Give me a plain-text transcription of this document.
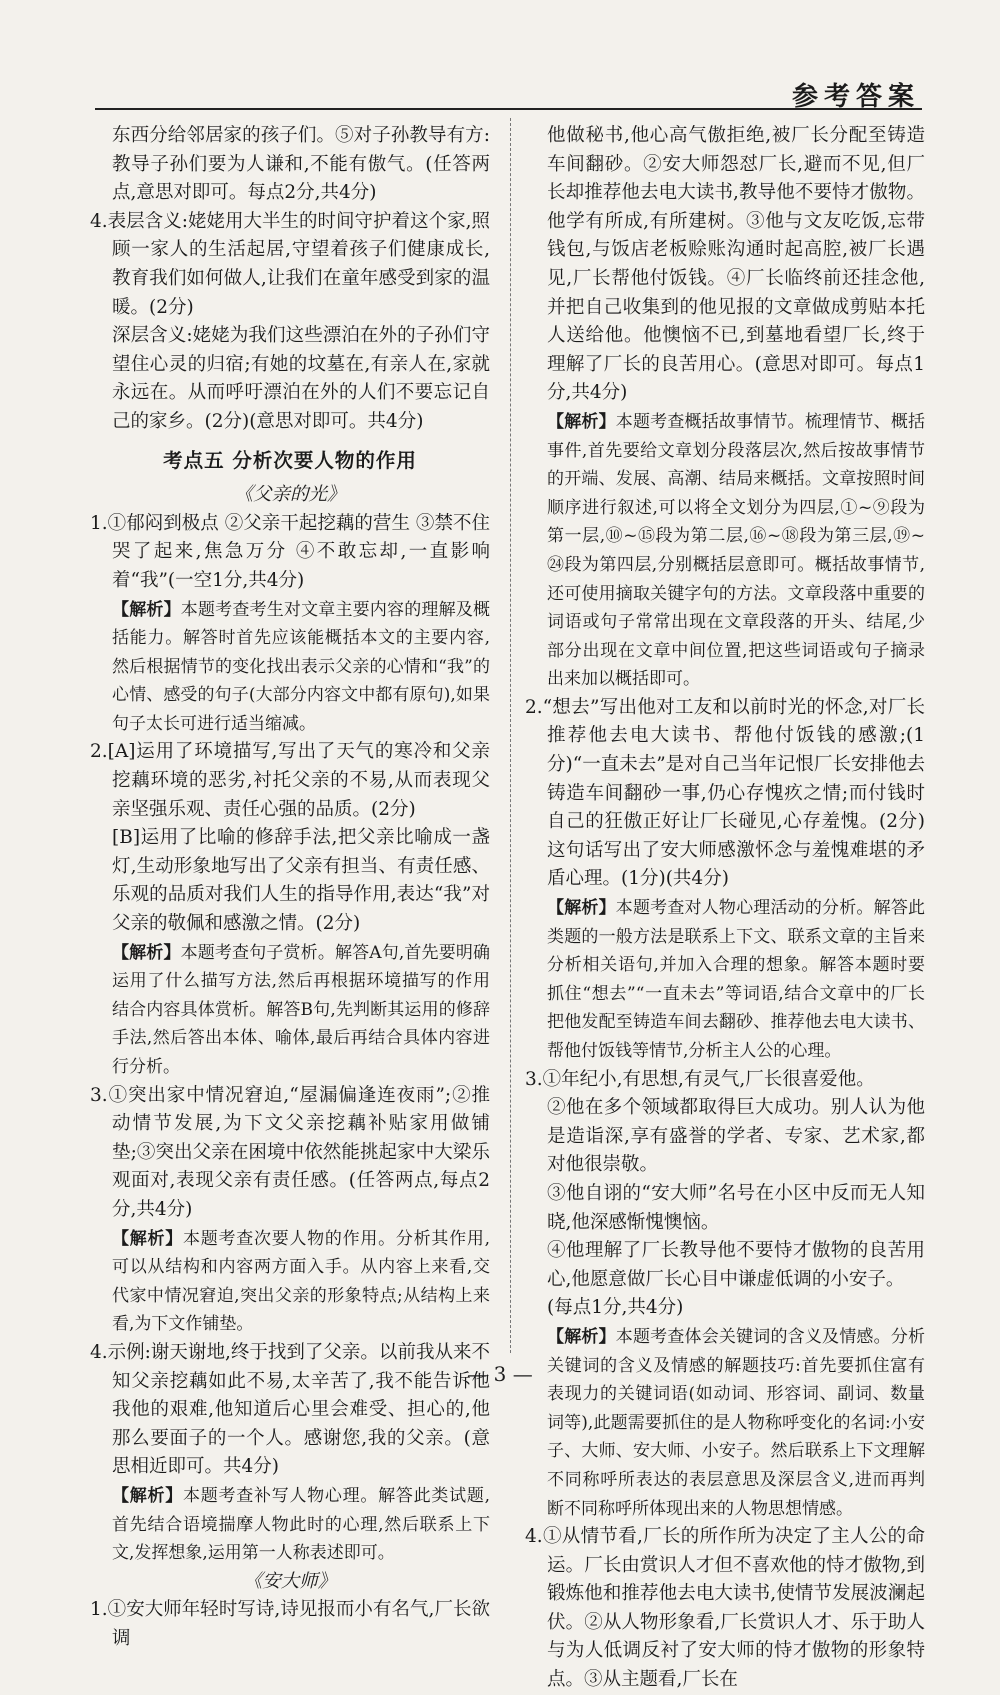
参考答案

东西分给邻居家的孩子们。⑤对子孙教导有方:教导子孙们要为人谦和,不能有傲气。(任答两点,意思对即可。每点2分,共4分)

4.表层含义:姥姥用大半生的时间守护着这个家,照顾一家人的生活起居,守望着孩子们健康成长,教育我们如何做人,让我们在童年感受到家的温暖。(2分)

深层含义:姥姥为我们这些漂泊在外的子孙们守望住心灵的归宿;有她的坟墓在,有亲人在,家就永远在。从而呼吁漂泊在外的人们不要忘记自己的家乡。(2分)(意思对即可。共4分)

考点五 分析次要人物的作用

《父亲的光》

1.①郁闷到极点 ②父亲干起挖藕的营生 ③禁不住哭了起来,焦急万分 ④不敢忘却,一直影响着“我”(一空1分,共4分)

【解析】本题考查考生对文章主要内容的理解及概括能力。解答时首先应该能概括本文的主要内容,然后根据情节的变化找出表示父亲的心情和“我”的心情、感受的句子(大部分内容文中都有原句),如果句子太长可进行适当缩减。

2.[A]运用了环境描写,写出了天气的寒冷和父亲挖藕环境的恶劣,衬托父亲的不易,从而表现父亲坚强乐观、责任心强的品质。(2分)

[B]运用了比喻的修辞手法,把父亲比喻成一盏灯,生动形象地写出了父亲有担当、有责任感、乐观的品质对我们人生的指导作用,表达“我”对父亲的敬佩和感激之情。(2分)

【解析】本题考查句子赏析。解答A句,首先要明确运用了什么描写方法,然后再根据环境描写的作用结合内容具体赏析。解答B句,先判断其运用的修辞手法,然后答出本体、喻体,最后再结合具体内容进行分析。

3.①突出家中情况窘迫,“屋漏偏逢连夜雨”;②推动情节发展,为下文父亲挖藕补贴家用做铺垫;③突出父亲在困境中依然能挑起家中大梁乐观面对,表现父亲有责任感。(任答两点,每点2分,共4分)

【解析】本题考查次要人物的作用。分析其作用,可以从结构和内容两方面入手。从内容上来看,交代家中情况窘迫,突出父亲的形象特点;从结构上来看,为下文作铺垫。

4.示例:谢天谢地,终于找到了父亲。以前我从来不知父亲挖藕如此不易,太辛苦了,我不能告诉他我他的艰难,他知道后心里会难受、担心的,他那么要面子的一个人。感谢您,我的父亲。(意思相近即可。共4分)

【解析】本题考查补写人物心理。解答此类试题,首先结合语境揣摩人物此时的心理,然后联系上下文,发挥想象,运用第一人称表述即可。

《安大师》

1.①安大师年轻时写诗,诗见报而小有名气,厂长欲调

他做秘书,他心高气傲拒绝,被厂长分配至铸造车间翻砂。②安大师怨怼厂长,避而不见,但厂长却推荐他去电大读书,教导他不要恃才傲物。他学有所成,有所建树。③他与文友吃饭,忘带钱包,与饭店老板赊账沟通时起高腔,被厂长遇见,厂长帮他付饭钱。④厂长临终前还挂念他,并把自己收集到的他见报的文章做成剪贴本托人送给他。他懊恼不已,到墓地看望厂长,终于理解了厂长的良苦用心。(意思对即可。每点1分,共4分)

【解析】本题考查概括故事情节。梳理情节、概括事件,首先要给文章划分段落层次,然后按故事情节的开端、发展、高潮、结局来概括。文章按照时间顺序进行叙述,可以将全文划分为四层,①~⑨段为第一层,⑩~⑮段为第二层,⑯~⑱段为第三层,⑲~㉔段为第四层,分别概括层意即可。概括故事情节,还可使用摘取关键字句的方法。文章段落中重要的词语或句子常常出现在文章段落的开头、结尾,少部分出现在文章中间位置,把这些词语或句子摘录出来加以概括即可。

2.“想去”写出他对工友和以前时光的怀念,对厂长推荐他去电大读书、帮他付饭钱的感激;(1分)“一直未去”是对自己当年记恨厂长安排他去铸造车间翻砂一事,仍心存愧疚之情;而付钱时自己的狂傲正好让厂长碰见,心存羞愧。(2分)这句话写出了安大师感激怀念与羞愧难堪的矛盾心理。(1分)(共4分)

【解析】本题考查对人物心理活动的分析。解答此类题的一般方法是联系上下文、联系文章的主旨来分析相关语句,并加入合理的想象。解答本题时要抓住“想去”“一直未去”等词语,结合文章中的厂长把他发配至铸造车间去翻砂、推荐他去电大读书、帮他付饭钱等情节,分析主人公的心理。

3.①年纪小,有思想,有灵气,厂长很喜爱他。

②他在多个领域都取得巨大成功。别人认为他是造诣深,享有盛誉的学者、专家、艺术家,都对他很崇敬。

③他自诩的“安大师”名号在小区中反而无人知晓,他深感惭愧懊恼。

④他理解了厂长教导他不要恃才傲物的良苦用心,他愿意做厂长心目中谦虚低调的小安子。

(每点1分,共4分)

【解析】本题考查体会关键词的含义及情感。分析关键词的含义及情感的解题技巧:首先要抓住富有表现力的关键词语(如动词、形容词、副词、数量词等),此题需要抓住的是人物称呼变化的名词:小安子、大师、安大师、小安子。然后联系上下文理解不同称呼所表达的表层意思及深层含义,进而再判断不同称呼所体现出来的人物思想情感。

4.①从情节看,厂长的所作所为决定了主人公的命运。厂长由赏识人才但不喜欢他的恃才傲物,到锻炼他和推荐他去电大读书,使情节发展波澜起伏。②从人物形象看,厂长赏识人才、乐于助人与为人低调反衬了安大师的恃才傲物的形象特点。③从主题看,厂长在

— 3 —
